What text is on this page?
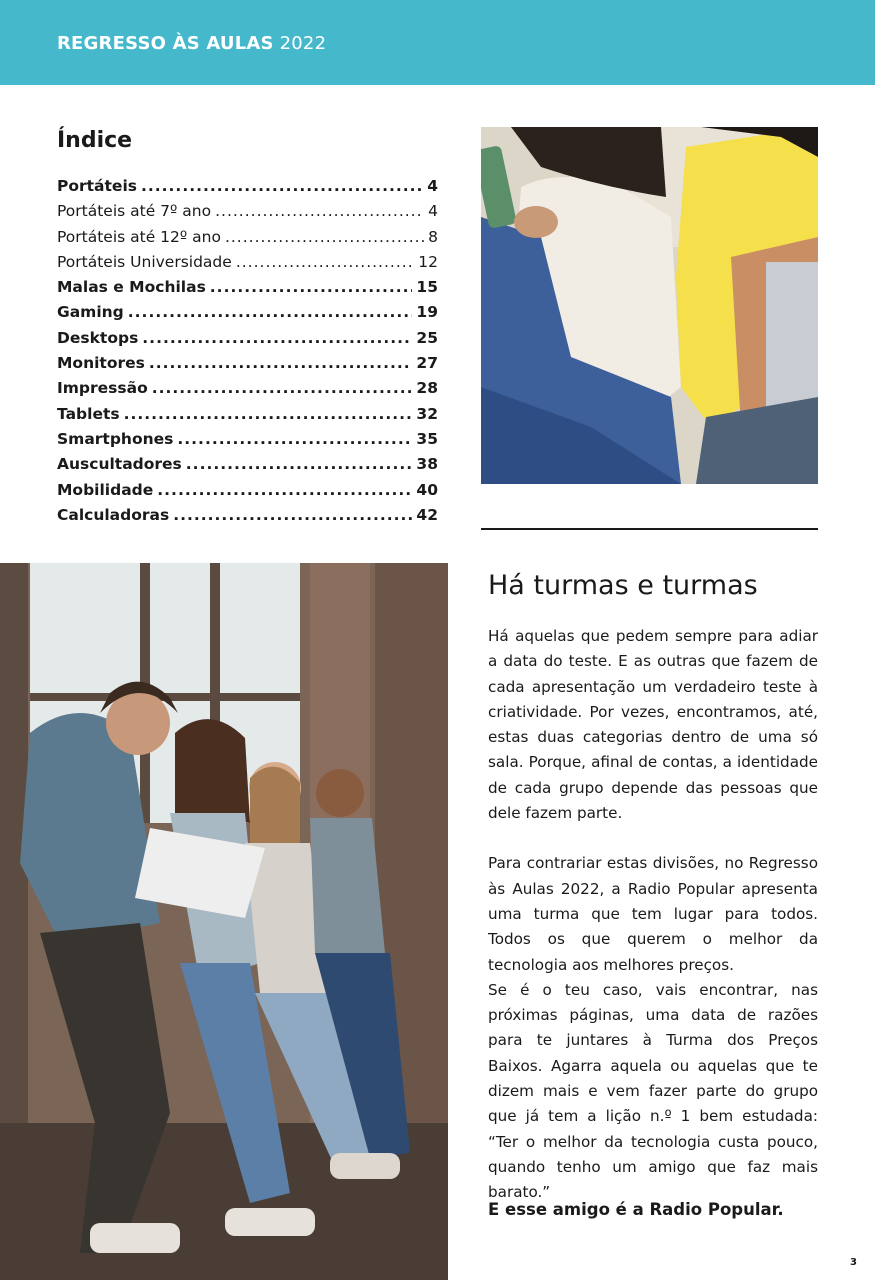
REGRESSO ÀS AULAS 2022
Índice
Portáteis .....	4
Portáteis até 7º ano .....	4
Portáteis até 12º ano .....	8
Portáteis Universidade .....	12
Malas e Mochilas .....	15
Gaming .....	19
Desktops .....	25
Monitores .....	27
Impressão .....	28
Tablets .....	32
Smartphones .....	35
Auscultadores .....	38
Mobilidade .....	40
Calculadoras .....	42
Há turmas e turmas

Há aquelas que pedem sempre para adiar a data do teste. E as outras que fazem de cada apresentação um verdadeiro teste à criatividade. Por vezes, encontramos, até, estas duas categorias dentro de uma só sala. Porque, afinal de contas, a identidade de cada grupo depende das pessoas que dele fazem parte.

Para contrariar estas divisões, no Regresso às Aulas 2022, a Radio Popular apresenta uma turma que tem lugar para todos. Todos os que querem o melhor da tecnologia aos melhores preços.

Se é o teu caso, vais encontrar, nas próximas páginas, uma data de razões para te juntares à Turma dos Preços Baixos. Agarra aquela ou aquelas que te dizem mais e vem fazer parte do grupo que já tem a lição n.º 1 bem estudada: “Ter o melhor da tecnologia custa pouco, quando tenho um amigo que faz mais barato.”

E esse amigo é a Radio Popular.
3
